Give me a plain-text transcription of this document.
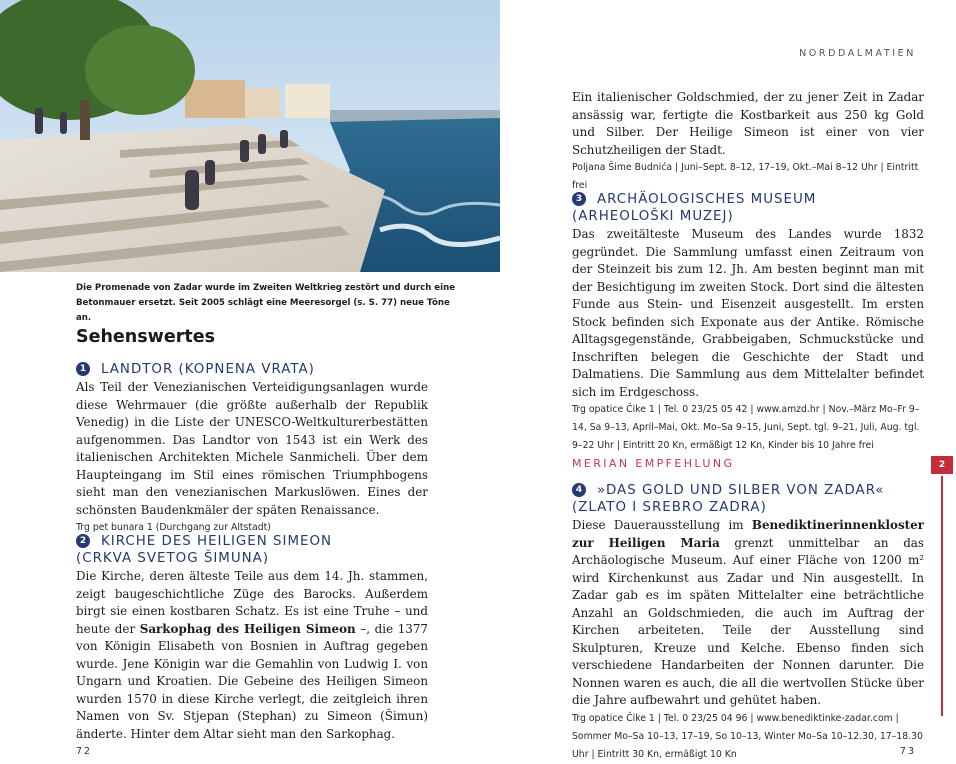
Die Promenade von Zadar wurde im Zweiten Weltkrieg zestört und durch eine Betonmauer ersetzt. Seit 2005 schlägt eine Meeresorgel (s. S. 77) neue Töne an.
Sehenswertes
1 LANDTOR (KOPNENA VRATA)
Als Teil der Venezianischen Verteidigungsanlagen wurde diese Wehrmauer (die größte außerhalb der Republik Venedig) in die Liste der UNESCO-Weltkulturerbestätten aufgenommen. Das Landtor von 1543 ist ein Werk des italienischen Architekten Michele Sanmicheli. Über dem Haupteingang im Stil eines römischen Triumphbogens sieht man den venezianischen Markuslöwen. Eines der schönsten Baudenkmäler der späten Renaissance.
Trg pet bunara 1 (Durchgang zur Altstadt)
2 KIRCHE DES HEILIGEN SIMEON
(CRKVA SVETOG ŠIMUNA)
Die Kirche, deren älteste Teile aus dem 14. Jh. stammen, zeigt baugeschichtliche Züge des Barocks. Außerdem birgt sie einen kostbaren Schatz. Es ist eine Truhe – und heute der Sarkophag des Heiligen Simeon –, die 1377 von Königin Elisabeth von Bosnien in Auftrag gegeben wurde. Jene Königin war die Gemahlin von Ludwig I. von Ungarn und Kroatien. Die Gebeine des Heiligen Simeon wurden 1570 in diese Kirche verlegt, die zeitgleich ihren Namen von Sv. Stjepan (Stephan) zu Simeon (Šimun) änderte. Hinter dem Altar sieht man den Sarkophag.
72
NORDDALMATIEN
Ein italienischer Goldschmied, der zu jener Zeit in Zadar ansässig war, fertigte die Kostbarkeit aus 250 kg Gold und Silber. Der Heilige Simeon ist einer von vier Schutzheiligen der Stadt.
Poljana Šime Budnića | Juni–Sept. 8–12, 17–19, Okt.–Mai 8–12 Uhr | Eintritt frei
3 ARCHÄOLOGISCHES MUSEUM
(ARHEOLOŠKI MUZEJ)
Das zweitälteste Museum des Landes wurde 1832 gegründet. Die Sammlung umfasst einen Zeitraum von der Steinzeit bis zum 12. Jh. Am besten beginnt man mit der Besichtigung im zweiten Stock. Dort sind die ältesten Funde aus Stein- und Eisenzeit ausgestellt. Im ersten Stock befinden sich Exponate aus der Antike. Römische Alltagsgegenstände, Grabbeigaben, Schmuckstücke und Inschriften belegen die Geschichte der Stadt und Dalmatiens. Die Sammlung aus dem Mittelalter befindet sich im Erdgeschoss.
Trg opatice Čike 1 | Tel. 0 23/25 05 42 | www.amzd.hr | Nov.–März Mo–Fr 9–14, Sa 9–13, April–Mai, Okt. Mo–Sa 9–15, Juni, Sept. tgl. 9–21, Juli, Aug. tgl. 9–22 Uhr | Eintritt 20 Kn, ermäßigt 12 Kn, Kinder bis 10 Jahre frei
MERIAN EMPFEHLUNG	2
4 »DAS GOLD UND SILBER VON ZADAR«
(ZLATO I SREBRO ZADRA)
Diese Dauerausstellung im Benediktinerinnenkloster zur Heiligen Maria grenzt unmittelbar an das Archäologische Museum. Auf einer Fläche von 1200 m² wird Kirchenkunst aus Zadar und Nin ausgestellt. In Zadar gab es im späten Mittelalter eine beträchtliche Anzahl an Goldschmieden, die auch im Auftrag der Kirchen arbeiteten. Teile der Ausstellung sind Skulpturen, Kreuze und Kelche. Ebenso finden sich verschiedene Handarbeiten der Nonnen darunter. Die Nonnen waren es auch, die all die wertvollen Stücke über die Jahre aufbewahrt und gehütet haben.
Trg opatice Čike 1 | Tel. 0 23/25 04 96 | www.benediktinke-zadar.com | Sommer Mo–Sa 10–13, 17–19, So 10–13, Winter Mo–Sa 10–12.30, 17–18.30 Uhr | Eintritt 30 Kn, ermäßigt 10 Kn	73
